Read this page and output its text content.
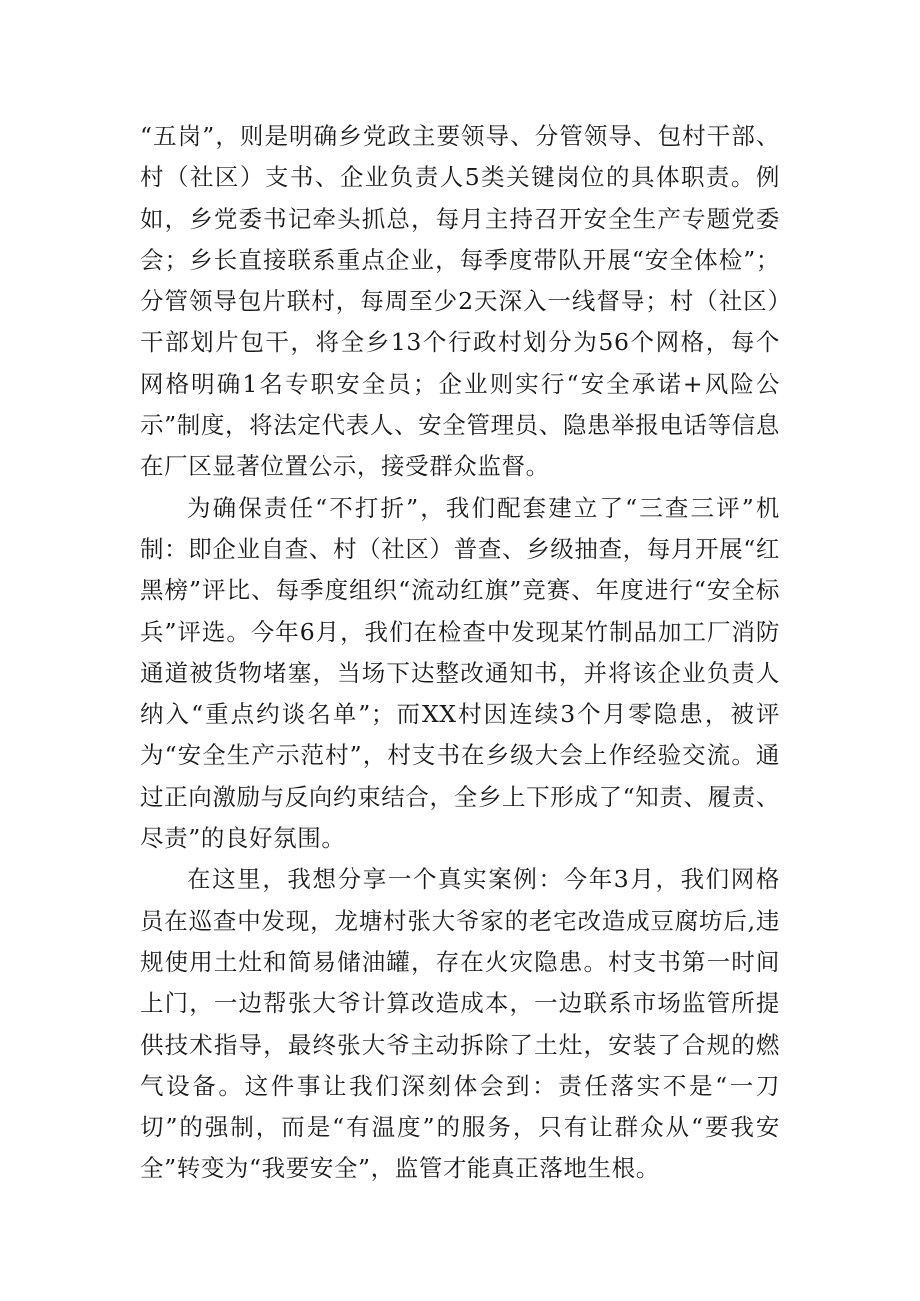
“五岗”，则是明确乡党政主要领导、分管领导、包村干部、村（社区）支书、企业负责人5类关键岗位的具体职责。例如，乡党委书记牵头抓总，每月主持召开安全生产专题党委会；乡长直接联系重点企业，每季度带队开展“安全体检”；分管领导包片联村，每周至少2天深入一线督导；村（社区）干部划片包干，将全乡13个行政村划分为56个网格，每个网格明确1名专职安全员；企业则实行“安全承诺+风险公示”制度，将法定代表人、安全管理员、隐患举报电话等信息在厂区显著位置公示，接受群众监督。

为确保责任“不打折”，我们配套建立了“三查三评”机制：即企业自查、村（社区）普查、乡级抽查，每月开展“红黑榜”评比、每季度组织“流动红旗”竞赛、年度进行“安全标兵”评选。今年6月，我们在检查中发现某竹制品加工厂消防通道被货物堵塞，当场下达整改通知书，并将该企业负责人纳入“重点约谈名单”；而XX村因连续3个月零隐患，被评为“安全生产示范村”，村支书在乡级大会上作经验交流。通过正向激励与反向约束结合，全乡上下形成了“知责、履责、尽责”的良好氛围。

在这里，我想分享一个真实案例：今年3月，我们网格员在巡查中发现，龙塘村张大爷家的老宅改造成豆腐坊后,违规使用土灶和简易储油罐，存在火灾隐患。村支书第一时间上门，一边帮张大爷计算改造成本，一边联系市场监管所提供技术指导，最终张大爷主动拆除了土灶，安装了合规的燃气设备。这件事让我们深刻体会到：责任落实不是“一刀切”的强制，而是“有温度”的服务，只有让群众从“要我安全”转变为“我要安全”，监管才能真正落地生根。
